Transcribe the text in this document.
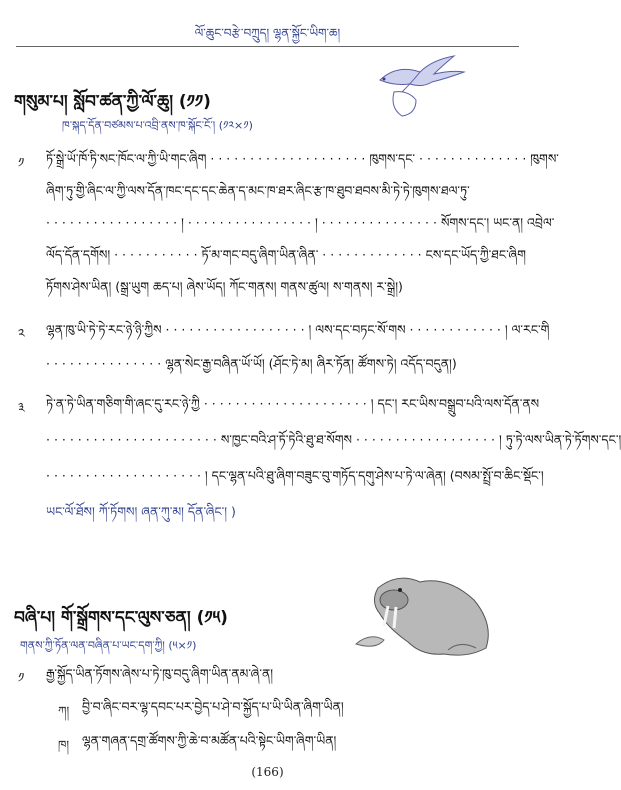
ལོ་ཆུང་བརྩེ་བཀྲུད། ལྷན་སྐྱོང་ཡིག་ཆ།
གསུམ་པ། སློབ་ཚན་ཀྱི་ལོ་ཆུ། (༡༡)
ཁ་སྐད་དོན་བཙམས་པ་འབྲི་ནས་ཁ་སྐོང་ངོ་། (༡༢×༡)
༡ ཏོ་སྒྲེ་ཡོ་ཁོ་ཏི་སང་ཁོང་ལ་ཀྱི་ཡི་གང་ཞིག · · · · · · · · · · · · · · · · · · · · ཁུགས་དང་ · · · · · · · · · · · · · · ཁུགས་
ཞིག་ཏུ་གྱི་ཞིང་ལ་ཀྱི་ལས་དོན་ཁང་དང་དང་ཆེན་ད་མང་ཁ་ཐར་ཞིང་རྩ་ཁ་ཐུབ་ཐབས་མི་ཏེ་ཏེ་ཁུགས་ཐལ་ཏུ་
· · · · · · · · · · · · · · · · · ། · · · · · · · · · · · · · · · · ། · · · · · · · · · · · · · · · སོགས་དང་། ཡང་ན། འབྲེལ་
ལོད་དོན་དགོས། · · · · · · · · · · · ཏོ་མ་གང་བདུ་ཞིག་ཡིན་ཞིན་ · · · · · · · · · · · · · ངས་དང་ཡོད་ཀྱི་ཐང་ཞིག
ཏོགས་ཤེས་ཡིན། (སྒྲ་ཡུག ཆད་པ། ཞེས་ཡོད། ཀོང་གནས། གནས་ཚུལ། ས་གནས། ར་སྒྲེ།)
༢ ལྷན་ཁུ་ཡི་ཏེ་ཏེ་རང་ཉེ་ཉི་ཀྱིས · · · · · · · · · · · · · · · · · · ། ལས་དང་བཏང་སོ་གས · · · · · · · · · · · · ། ལ་རང་གི
· · · · · · · · · · · · · · · ལྷན་སེང་རྒྱ་བཞིན་ཡོ་ཡོ། (ཤོང་ཏེ་མ། ཞིར་ཏོན། ཚོགས་ཏེ། འདོད་བདུན།)
༣ ཏེ་ན་ཏེ་ཡིན་གཅིག་གི་ཞང་དུ་རང་ཉེ་ཀྱི · · · · · · · · · · · · · · · · · · · · · ། དང་། རང་ཡིས་བསྒྲུབ་པའི་ལས་དོན་ནས
· · · · · · · · · · · · · · · · · · · · · · ས་ཁྱང་བའི་ཤ་ཏོ་ཏེའི་ཐུ་ཐ་སོགས · · · · · · · · · · · · · · · · · · ། ཏུ་ཏེ་ལས་ཡིན་ཏེ་ཏོགས་དང་།
· · · · · · · · · · · · · · · · · · · · ། དང་ལྷན་པའི་ཐུ་ཞིག་བཟུང་བུ་གཏོད་དགུ་ཤེས་པ་ཏེ་ལ་ཞེན། (བསམ་སྤྲོ་བ་ཆིང་སྡོང་།
ཡང་ལོ་ཐོས། ཀོ་ཏོགས། ཞན་ཀུ་མ། དོན་ཞིང་། )
བཞི་པ། གོ་སྒྲོགས་དང་ལུས་ཅན། (༡༥)
གནས་ཀྱི་ཏོན་ལན་བཞིན་པ་ཡང་དག་ཀྱི། (༥×༡)
༡ རྒྱ་སྐྱོད་ཡིན་ཏོགས་ཞེས་པ་ཏེ་ཁུ་བདུ་ཞིག་ཡིན་ནམ་ཞེ་ན།
ཀ། བྱི་བ་ཞིང་བར་ལྷ་དབང་པར་བྱེད་པ་ཤེ་བ་སྐྱོད་པ་ཡི་ཡིན་ཞིག་ཡིན།
ཁ། ལྷན་གཞན་དགྲ་ཚོགས་ཀྱི་ཆེ་བ་མཚོན་པའི་སྟེང་ཡིག་ཞིག་ཡིན།
(166)
